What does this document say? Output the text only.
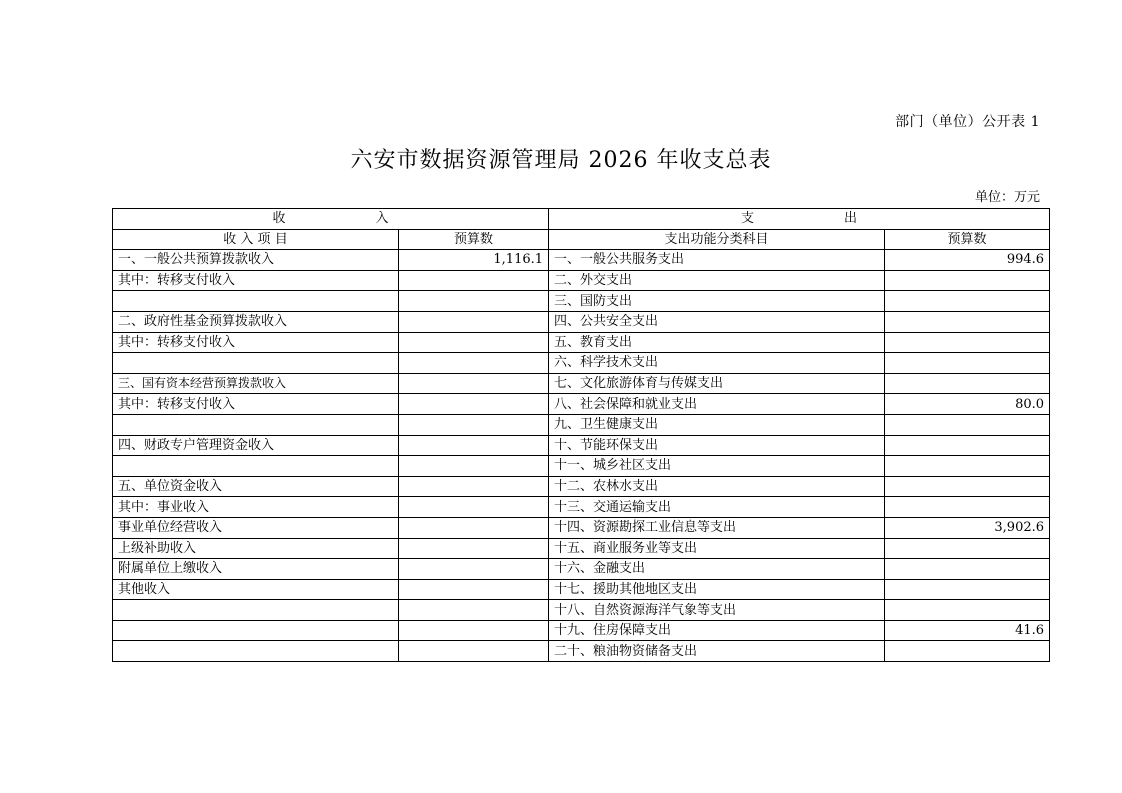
部门（单位）公开表 1
六安市数据资源管理局 2026 年收支总表
单位：万元
收入		支出	
收 入 项 目	预算数	支出功能分类科目	预算数
一、一般公共预算拨款收入	1,116.1	一、一般公共服务支出	994.6
其中：转移支付收入		二、外交支出	
		三、国防支出	
二、政府性基金预算拨款收入		四、公共安全支出	
其中：转移支付收入		五、教育支出	
		六、科学技术支出	
三、国有资本经营预算拨款收入		七、文化旅游体育与传媒支出	
其中：转移支付收入		八、社会保障和就业支出	80.0
		九、卫生健康支出	
四、财政专户管理资金收入		十、节能环保支出	
		十一、城乡社区支出	
五、单位资金收入		十二、农林水支出	
其中：事业收入		十三、交通运输支出	
事业单位经营收入		十四、资源勘探工业信息等支出	3,902.6
上级补助收入		十五、商业服务业等支出	
附属单位上缴收入		十六、金融支出	
其他收入		十七、援助其他地区支出	
		十八、自然资源海洋气象等支出	
		十九、住房保障支出	41.6
		二十、粮油物资储备支出	
